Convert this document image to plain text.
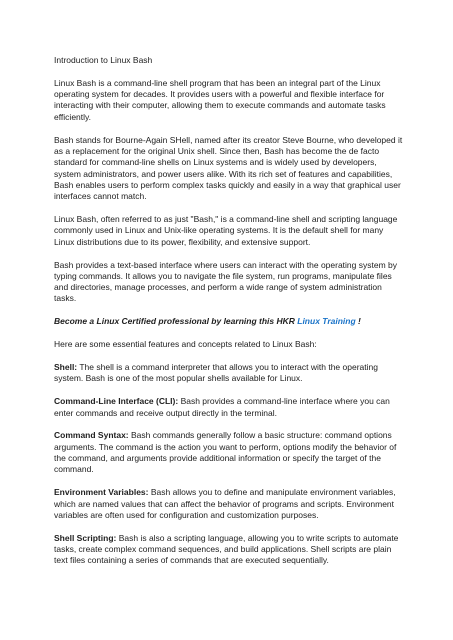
Introduction to Linux Bash

Linux Bash is a command-line shell program that has been an integral part of the Linux operating system for decades. It provides users with a powerful and flexible interface for interacting with their computer, allowing them to execute commands and automate tasks efficiently.

Bash stands for Bourne-Again SHell, named after its creator Steve Bourne, who developed it as a replacement for the original Unix shell. Since then, Bash has become the de facto standard for command-line shells on Linux systems and is widely used by developers, system administrators, and power users alike. With its rich set of features and capabilities, Bash enables users to perform complex tasks quickly and easily in a way that graphical user interfaces cannot match.

Linux Bash, often referred to as just "Bash," is a command-line shell and scripting language commonly used in Linux and Unix-like operating systems. It is the default shell for many Linux distributions due to its power, flexibility, and extensive support.

Bash provides a text-based interface where users can interact with the operating system by typing commands. It allows you to navigate the file system, run programs, manipulate files and directories, manage processes, and perform a wide range of system administration tasks.

Become a Linux Certified professional by learning this HKR Linux Training !

Here are some essential features and concepts related to Linux Bash:

Shell: The shell is a command interpreter that allows you to interact with the operating system. Bash is one of the most popular shells available for Linux.

Command-Line Interface (CLI): Bash provides a command-line interface where you can enter commands and receive output directly in the terminal.

Command Syntax: Bash commands generally follow a basic structure: command options arguments. The command is the action you want to perform, options modify the behavior of the command, and arguments provide additional information or specify the target of the command.

Environment Variables: Bash allows you to define and manipulate environment variables, which are named values that can affect the behavior of programs and scripts. Environment variables are often used for configuration and customization purposes.

Shell Scripting: Bash is also a scripting language, allowing you to write scripts to automate tasks, create complex command sequences, and build applications. Shell scripts are plain text files containing a series of commands that are executed sequentially.
